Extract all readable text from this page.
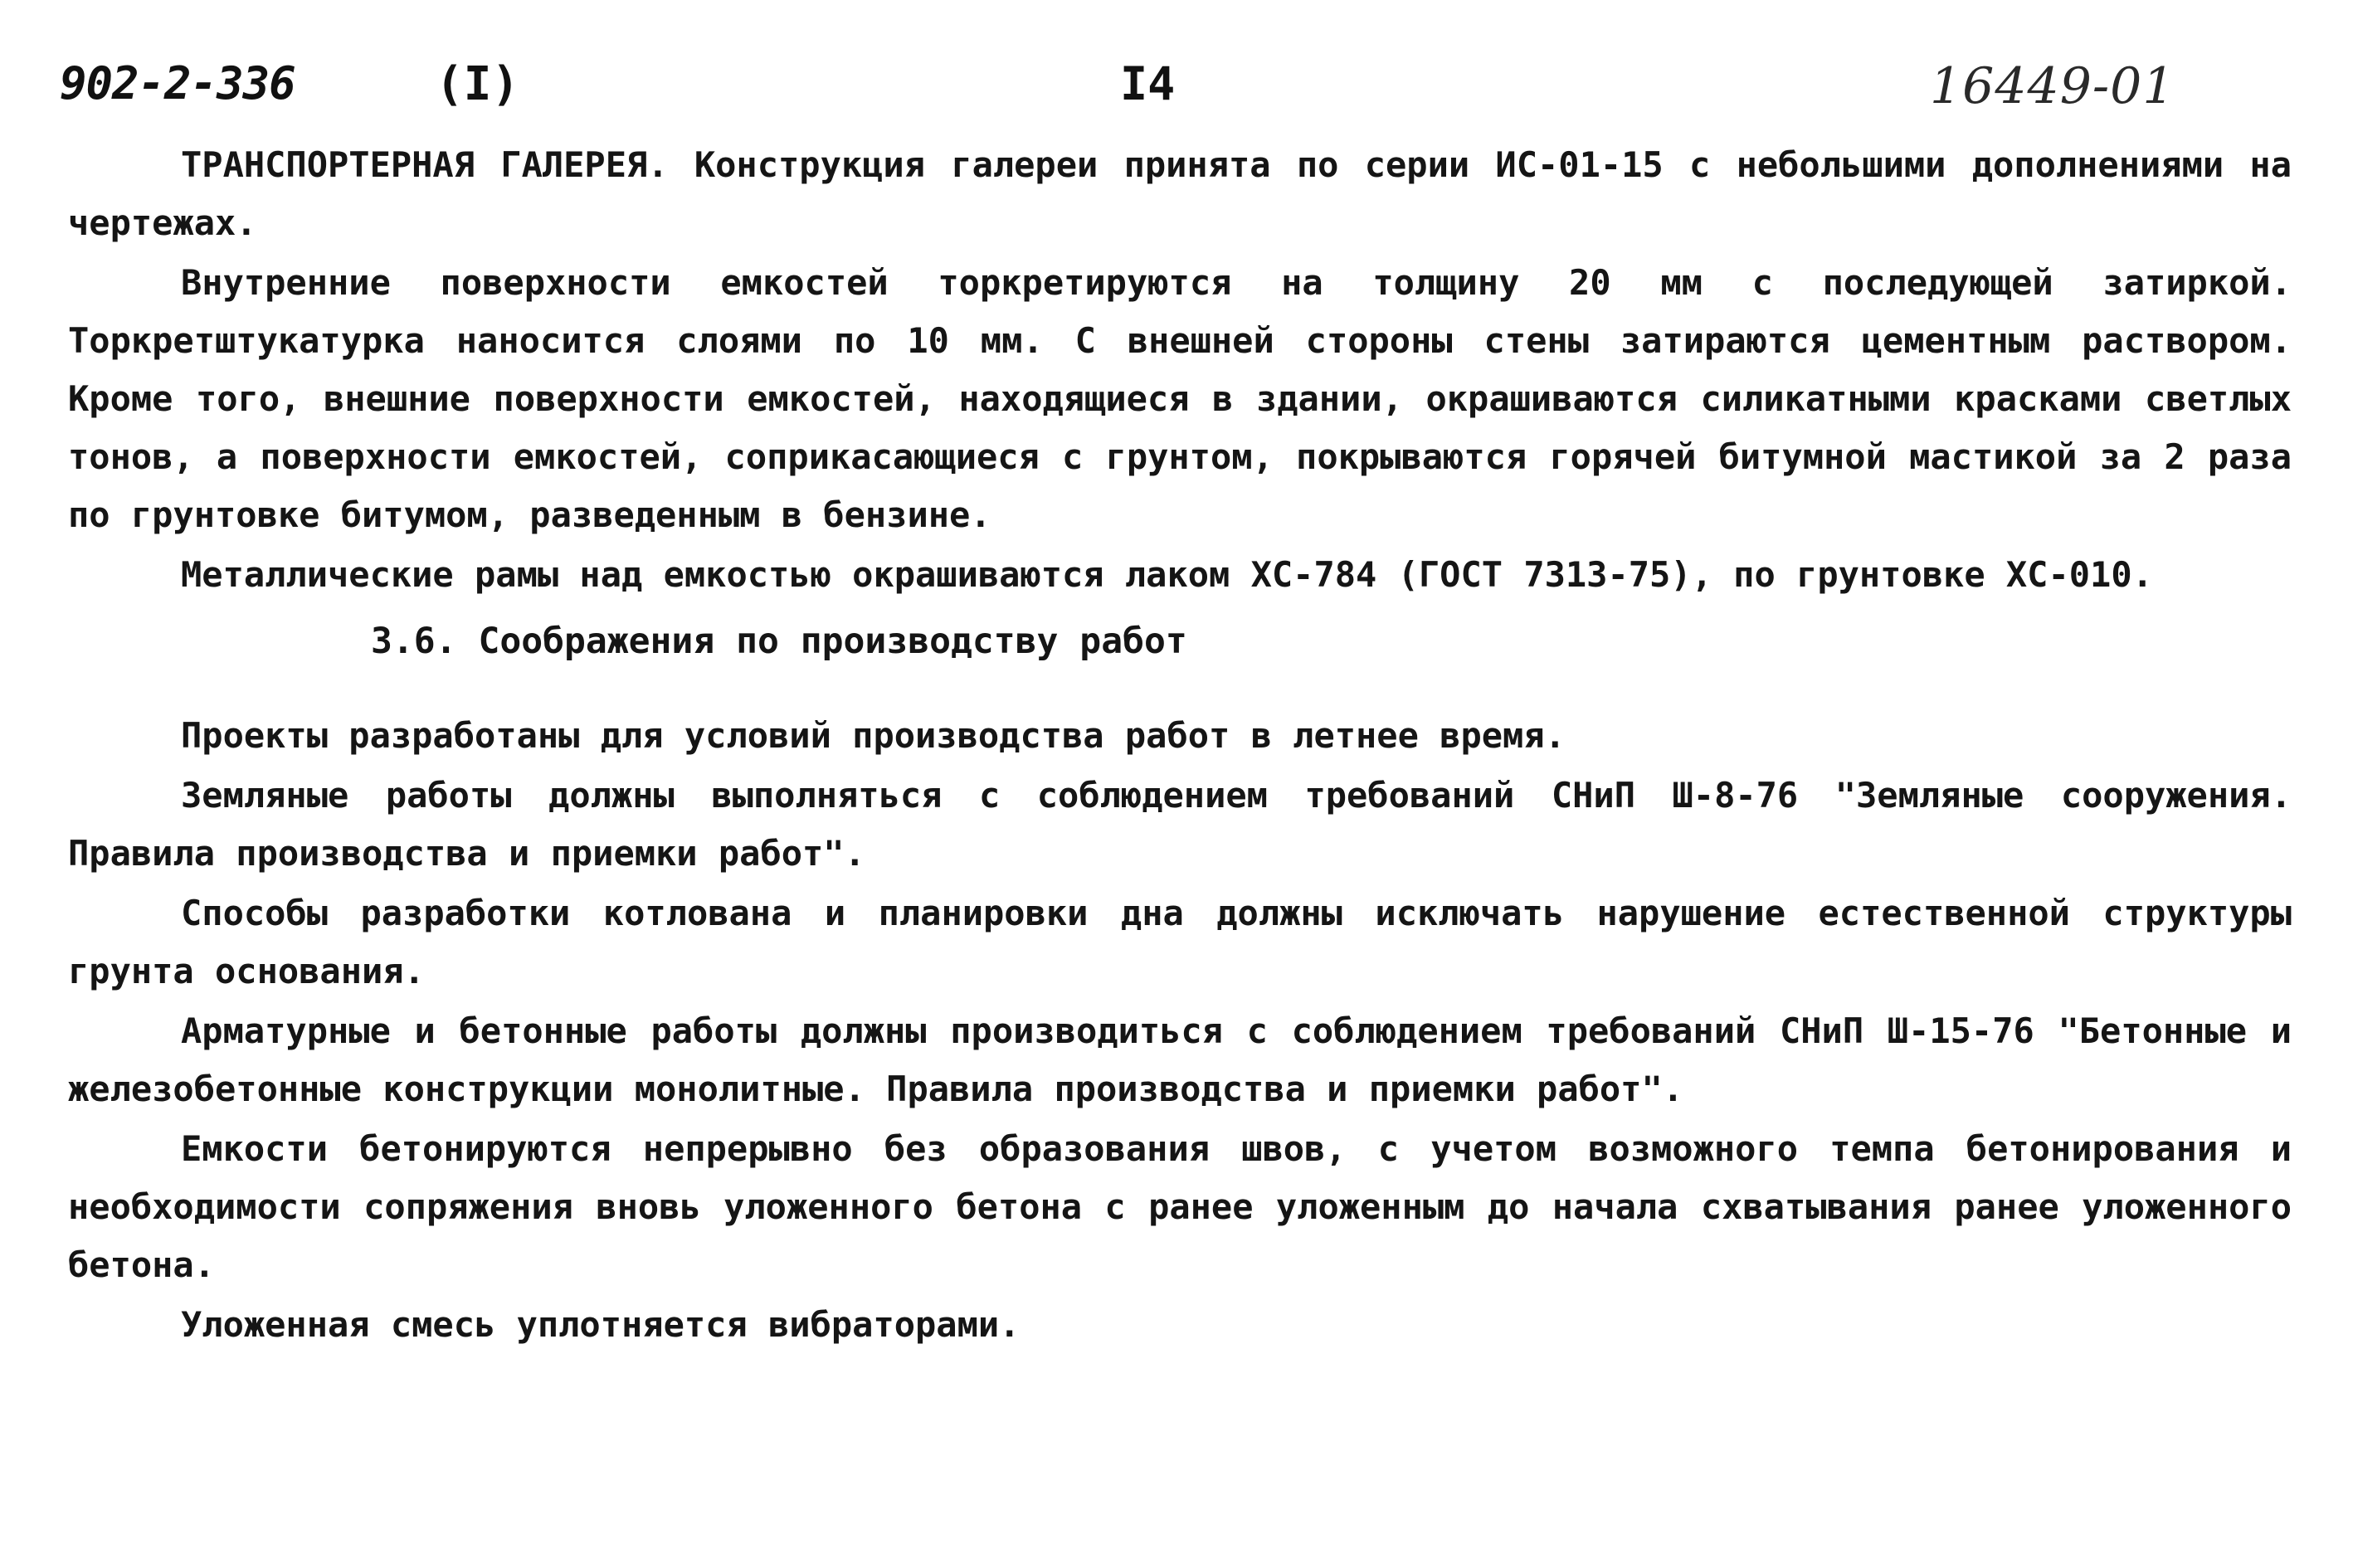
902-2-336	(I)	I4	16449-01

ТРАНСПОРТЕРНАЯ ГАЛЕРЕЯ. Конструкция галереи принята по серии ИС-01-15 с небольшими дополнениями на чертежах.

Внутренние поверхности емкостей торкретируются на толщину 20 мм с последующей затиркой. Торкретштукатурка наносится слоями по 10 мм. С внешней стороны стены затираются цементным раствором. Кроме того, внешние поверхности емкостей, находящиеся в здании, окрашиваются силикатными красками светлых тонов, а поверхности емкостей, соприкасающиеся с грунтом, покрываются горячей битумной мастикой за 2 раза по грунтовке битумом, разведенным в бензине.

Металлические рамы над емкостью окрашиваются лаком ХС-784 (ГОСТ 7313-75), по грунтовке ХС-010.

3.6. Соображения по производству работ

Проекты разработаны для условий производства работ в летнее время.

Земляные работы должны выполняться с соблюдением требований СНиП Ш-8-76 "Земляные сооружения. Правила производства и приемки работ".

Способы разработки котлована и планировки дна должны исключать нарушение естественной структуры грунта основания.

Арматурные и бетонные работы должны производиться с соблюдением требований СНиП Ш-15-76 "Бетонные и железобетонные конструкции монолитные. Правила производства и приемки работ".

Емкости бетонируются непрерывно без образования швов, с учетом возможного темпа бетонирования и необходимости сопряжения вновь уложенного бетона с ранее уложенным до начала схватывания ранее уложенного бетона.

Уложенная смесь уплотняется вибраторами.
